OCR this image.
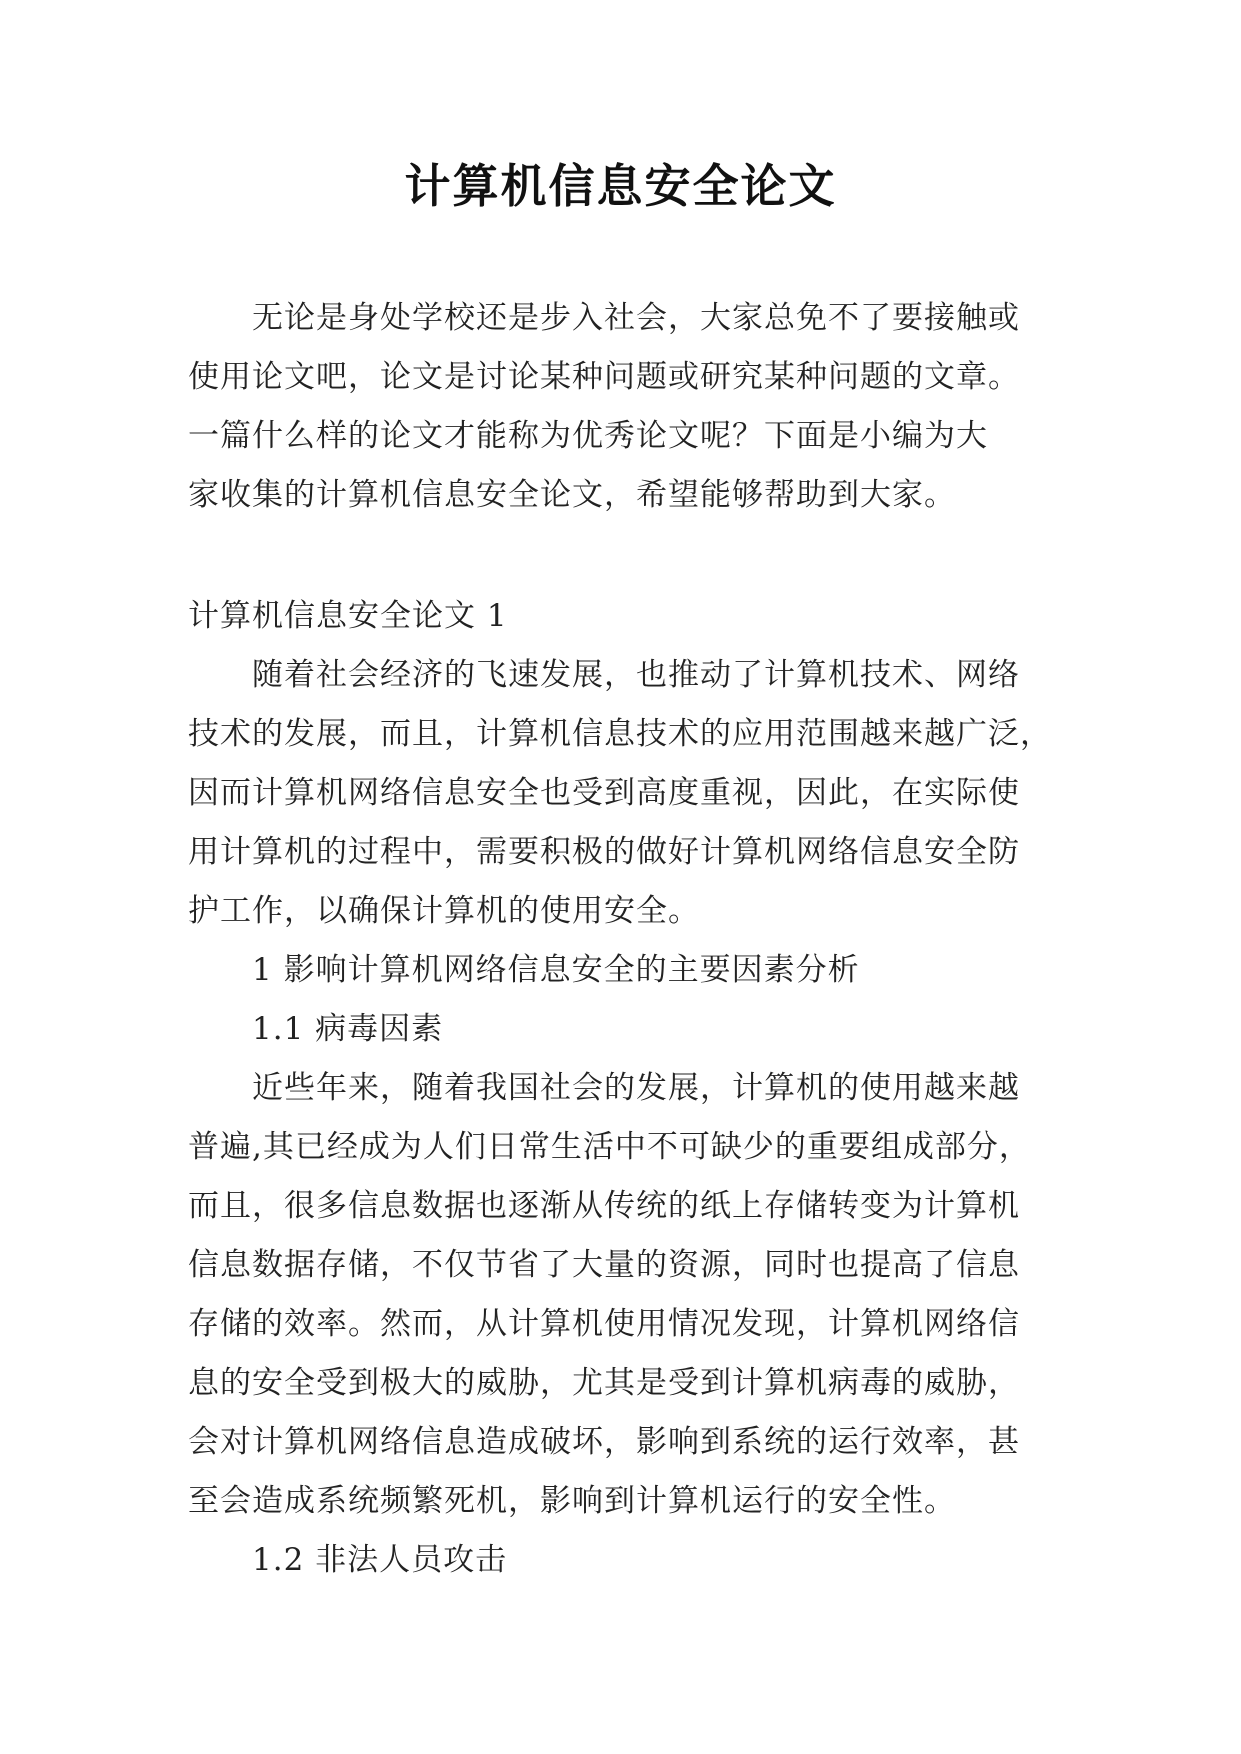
计算机信息安全论文
无论是身处学校还是步入社会，大家总免不了要接触或
使用论文吧，论文是讨论某种问题或研究某种问题的文章。
一篇什么样的论文才能称为优秀论文呢？下面是小编为大
家收集的计算机信息安全论文，希望能够帮助到大家。
计算机信息安全论文 1
随着社会经济的飞速发展，也推动了计算机技术、网络
技术的发展，而且，计算机信息技术的应用范围越来越广泛，
因而计算机网络信息安全也受到高度重视，因此，在实际使
用计算机的过程中，需要积极的做好计算机网络信息安全防
护工作，以确保计算机的使用安全。
1 影响计算机网络信息安全的主要因素分析
1.1 病毒因素
近些年来，随着我国社会的发展，计算机的使用越来越
普遍,其已经成为人们日常生活中不可缺少的重要组成部分，
而且，很多信息数据也逐渐从传统的纸上存储转变为计算机
信息数据存储，不仅节省了大量的资源，同时也提高了信息
存储的效率。然而，从计算机使用情况发现，计算机网络信
息的安全受到极大的威胁，尤其是受到计算机病毒的威胁，
会对计算机网络信息造成破坏，影响到系统的运行效率，甚
至会造成系统频繁死机，影响到计算机运行的安全性。
1.2 非法人员攻击
